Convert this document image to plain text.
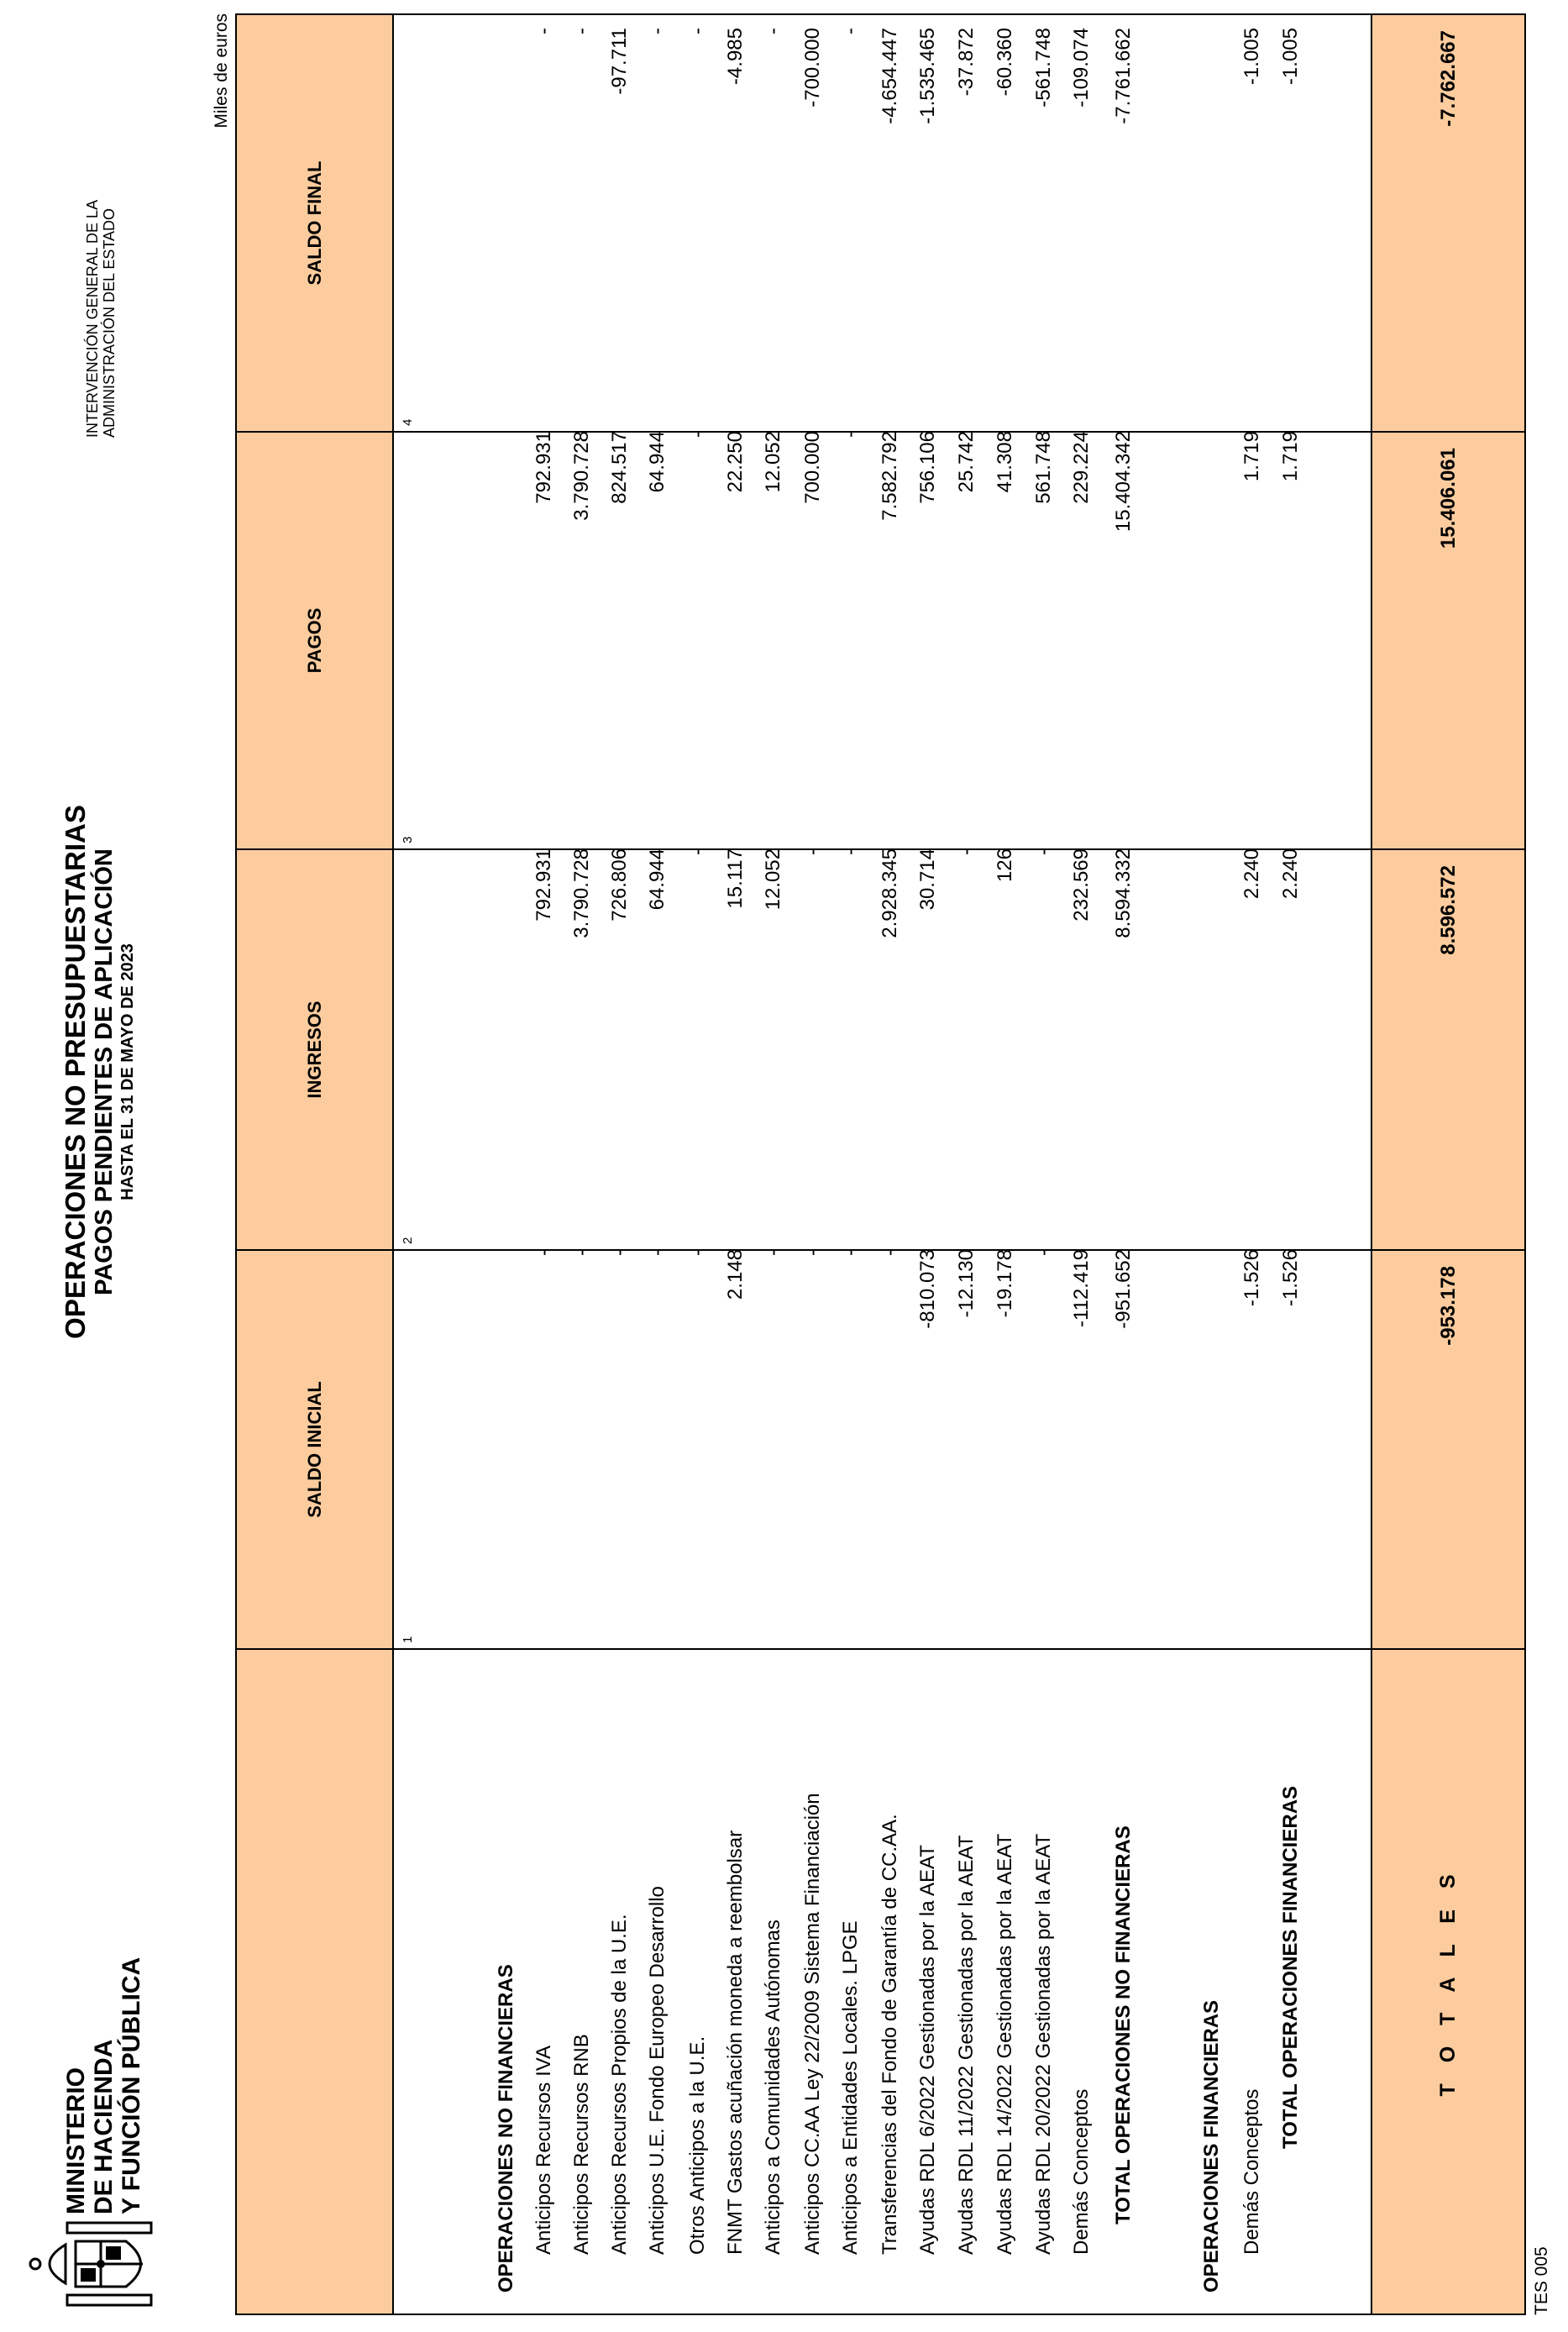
MINISTERIO DE HACIENDA Y FUNCIÓN PÚBLICA
OPERACIONES NO PRESUPUESTARIAS PAGOS PENDIENTES DE APLICACIÓN HASTA EL 31 DE MAYO DE 2023
INTERVENCIÓN GENERAL DE LA ADMINISTRACIÓN DEL ESTADO
Miles de euros
SALDO INICIAL
INGRESOS
PAGOS
SALDO FINAL
1
2
3
4
OPERACIONES NO FINANCIERAS Anticipos Recursos IVA
-
792.931
792.931
-
Anticipos Recursos RNB
-
3.790.728
3.790.728
-
Anticipos Recursos Propios de la U.E.
-
726.806
824.517
-97.711
Anticipos U.E. Fondo Europeo Desarrollo
-
64.944
64.944
-
Otros Anticipos a la U.E.
-
-
-
-
FNMT Gastos acuñación moneda a reembolsar
2.148
15.117
22.250
-4.985
Anticipos a Comunidades Autónomas
-
12.052
12.052
-
Anticipos CC.AA Ley 22/2009 Sistema Financiación
-
-
700.000
-700.000
Anticipos a Entidades Locales. LPGE
-
-
-
-
Transferencias del Fondo de Garantía de CC.AA.
-
2.928.345
7.582.792
-4.654.447
Ayudas RDL 6/2022 Gestionadas por la AEAT
-810.073
30.714
756.106
-1.535.465
Ayudas RDL 11/2022 Gestionadas por la AEAT
-12.130
-
25.742
-37.872
Ayudas RDL 14/2022 Gestionadas por la AEAT
-19.178
126
41.308
-60.360
Ayudas RDL 20/2022 Gestionadas por la AEAT
-
-
561.748
-561.748
Demás Conceptos
-112.419
232.569
229.224
-109.074
TOTAL OPERACIONES NO FINANCIERAS
-951.652
8.594.332
15.404.342
-7.761.662
OPERACIONES FINANCIERAS Demás Conceptos
-1.526
2.240
1.719
-1.005
TOTAL OPERACIONES FINANCIERAS
-1.526
2.240
1.719
-1.005
T O T A L E S
-953.178
8.596.572
15.406.061
-7.762.667
TES 005
